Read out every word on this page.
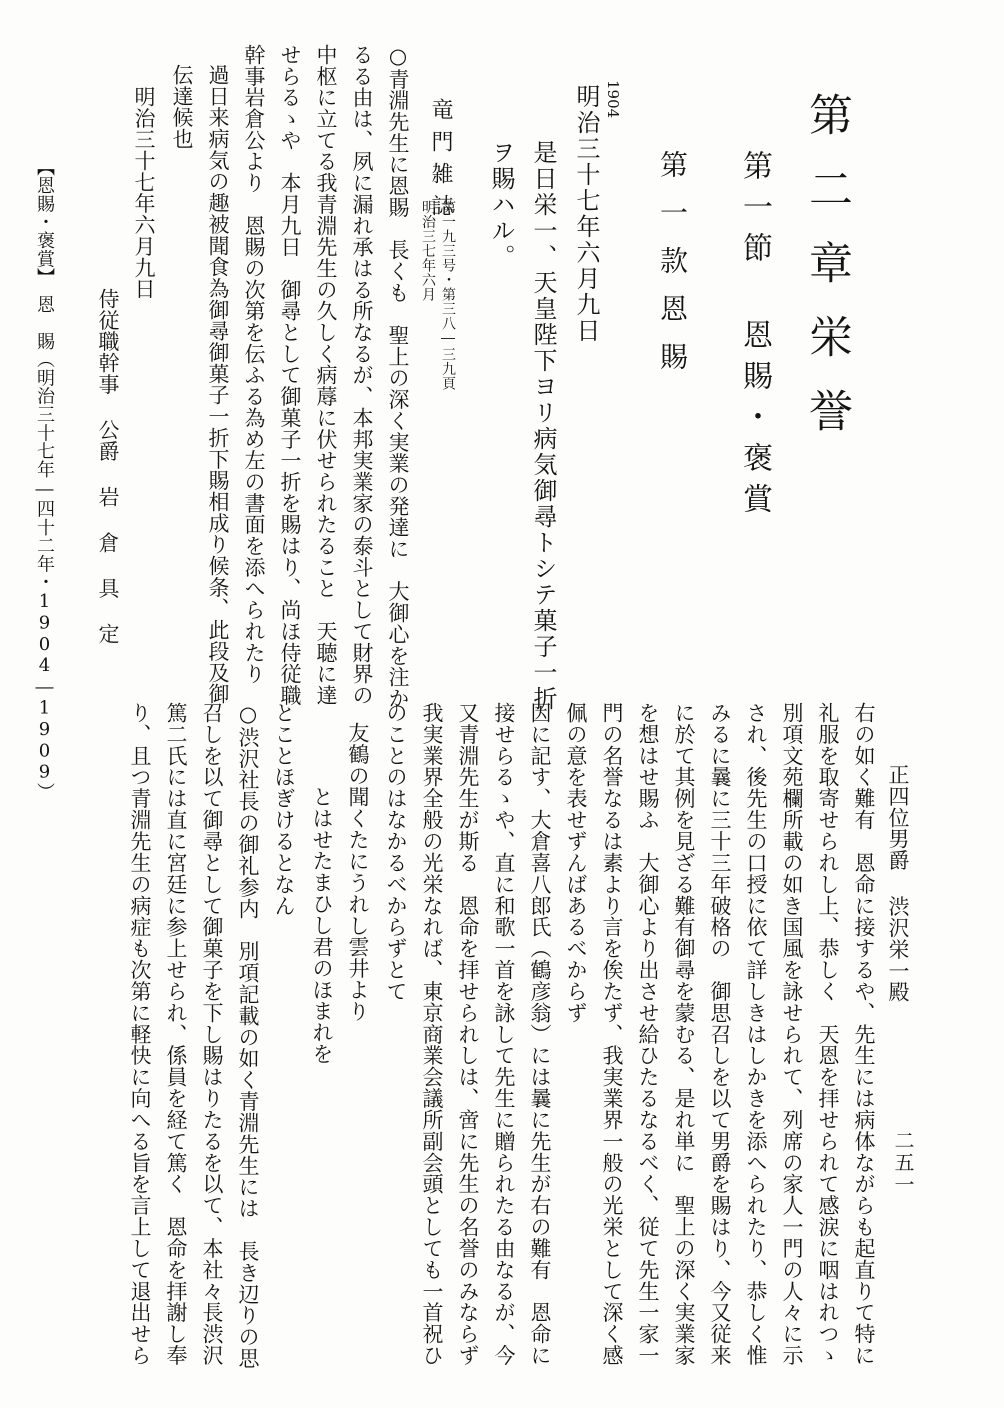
第二章栄誉
第一節 恩賜・褒賞
第一款恩賜
1904
明治三十七年六月九日
是日栄一、天皇陛下ヨリ病気御尋トシテ菓子一折
ヲ賜ハル。
竜門雑誌
第一九三号・第三八―三九頁
明治三七年六月
○青淵先生に恩賜　長くも　聖上の深く実業の発達に　大御心を注か
るる由は、夙に漏れ承はる所なるが、本邦実業家の泰斗として財界の
中枢に立てる我青淵先生の久しく病蓐に伏せられたること　天聴に達
せらるゝや　本月九日　御尋として御菓子一折を賜はり、尚ほ侍従職
幹事岩倉公より　恩賜の次第を伝ふる為め左の書面を添へられたり
過日来病気の趣被聞食為御尋御菓子一折下賜相成り候条、此段及御
伝達候也
明治三十七年六月九日
侍従職幹事 公爵 岩 倉 具 定
【恩賜・褒賞】　恩　賜（明治三十七年―四十二年・1904―1909）
正四位男爵 渋沢栄一殿
右の如く難有　恩命に接するや、先生には病体ながらも起直りて特に
礼服を取寄せられし上、恭しく　天恩を拝せられて感涙に咽はれつゝ
別項文苑欄所載の如き国風を詠せられて、列席の家人一門の人々に示
され、後先生の口授に依て詳しきはしかきを添へられたり、恭しく惟
みるに曩に三十三年破格の　御思召しを以て男爵を賜はり、今又従来
に於て其例を見ざる難有御尋を蒙むる、是れ単に　聖上の深く実業家
を想はせ賜ふ　大御心より出させ給ひたるなるべく、従て先生一家一
門の名誉なるは素より言を俟たず、我実業界一般の光栄として深く感
佩の意を表せずんばあるべからず
因に記す、大倉喜八郎氏（鶴彦翁）には曩に先生が右の難有　恩命に
接せらるゝや、直に和歌一首を詠して先生に贈られたる由なるが、今
又青淵先生が斯る　恩命を拝せられしは、啻に先生の名誉のみならず
我実業界全般の光栄なれば、東京商業会議所副会頭としても一首祝ひ
のことのはなかるべからずとて
友鶴の聞くたにうれし雲井より
とはせたまひし君のほまれを
とことほぎけるとなん
○渋沢社長の御礼参内　別項記載の如く青淵先生には　長き辺りの思
召しを以て御尋として御菓子を下し賜はりたるを以て、本社々長渋沢
篤二氏には直に宮廷に参上せられ、係員を経て篤く　恩命を拝謝し奉
り、且つ青淵先生の病症も次第に軽快に向へる旨を言上して退出せら	二五一
